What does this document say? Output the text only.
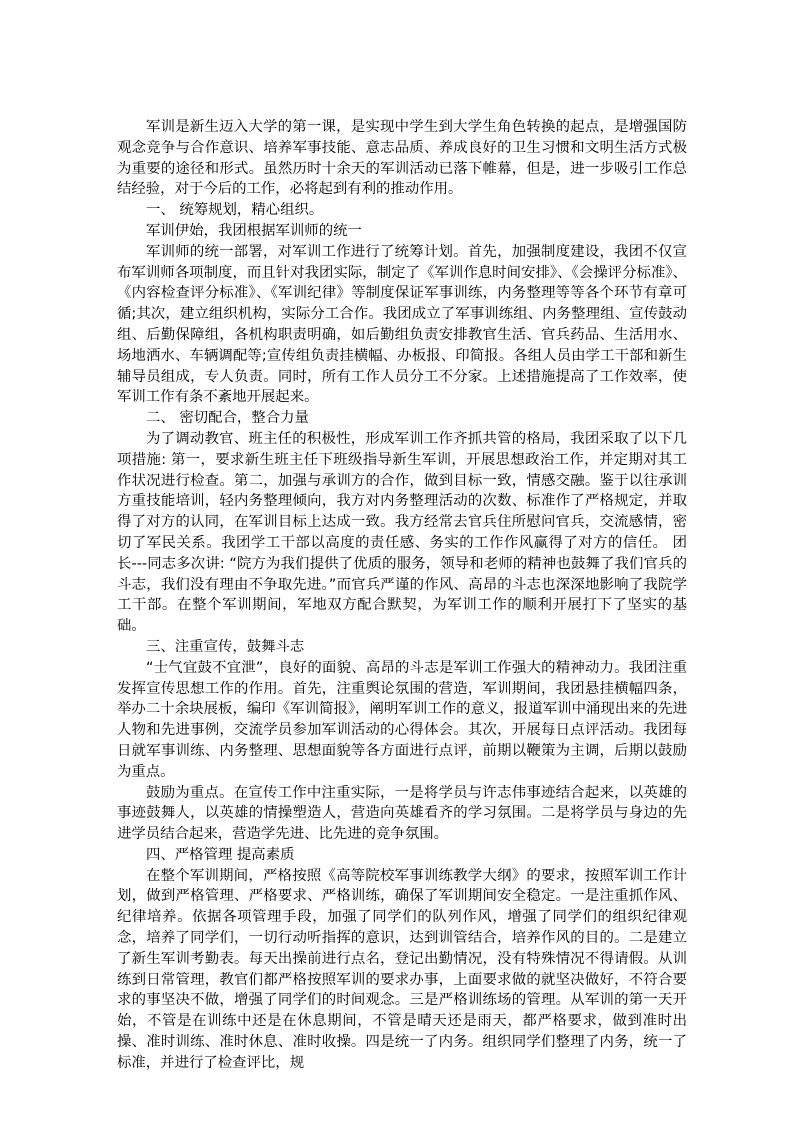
军训是新生迈入大学的第一课，是实现中学生到大学生角色转换的起点，是增强国防观念竞争与合作意识、培养军事技能、意志品质、养成良好的卫生习惯和文明生活方式极为重要的途径和形式。虽然历时十余天的军训活动已落下帷幕，但是，进一步吸引工作总结经验，对于今后的工作，必将起到有利的推动作用。

一、 统筹规划，精心组织。

军训伊始，我团根据军训师的统一

军训师的统一部署，对军训工作进行了统筹计划。首先，加强制度建设，我团不仅宣布军训师各项制度，而且针对我团实际，制定了《军训作息时间安排》、《会操评分标准》、《内容检查评分标准》、《军训纪律》等制度保证军事训练，内务整理等等各个环节有章可循;其次，建立组织机构，实际分工合作。我团成立了军事训练组、内务整理组、宣传鼓动组、后勤保障组，各机构职责明确，如后勤组负责安排教官生活、官兵药品、生活用水、场地洒水、车辆调配等;宣传组负责挂横幅、办板报、印简报。各组人员由学工干部和新生辅导员组成，专人负责。同时，所有工作人员分工不分家。上述措施提高了工作效率，使军训工作有条不紊地开展起来。

二、 密切配合，整合力量

为了调动教官、班主任的积极性，形成军训工作齐抓共管的格局，我团采取了以下几项措施: 第一，要求新生班主任下班级指导新生军训，开展思想政治工作，并定期对其工作状况进行检查。第二，加强与承训方的合作，做到目标一致，情感交融。鉴于以往承训方重技能培训，轻内务整理倾向，我方对内务整理活动的次数、标准作了严格规定，并取得了对方的认同，在军训目标上达成一致。我方经常去官兵住所慰问官兵，交流感情，密切了军民关系。我团学工干部以高度的责任感、务实的工作作风赢得了对方的信任。 团长---同志多次讲: “院方为我们提供了优质的服务，领导和老师的精神也鼓舞了我们官兵的斗志，我们没有理由不争取先进。”而官兵严谨的作风、高昂的斗志也深深地影响了我院学工干部。在整个军训期间，军地双方配合默契，为军训工作的顺利开展打下了坚实的基础。

三、注重宣传，鼓舞斗志

“士气宜鼓不宜泄”，良好的面貌、高昂的斗志是军训工作强大的精神动力。我团注重发挥宣传思想工作的作用。首先，注重舆论氛围的营造，军训期间，我团悬挂横幅四条，举办二十余块展板，编印《军训简报》，阐明军训工作的意义，报道军训中涌现出来的先进人物和先进事例，交流学员参加军训活动的心得体会。其次，开展每日点评活动。我团每日就军事训练、内务整理、思想面貌等各方面进行点评，前期以鞭策为主调，后期以鼓励为重点。

鼓励为重点。在宣传工作中注重实际，一是将学员与许志伟事迹结合起来，以英雄的事迹鼓舞人，以英雄的情操塑造人，营造向英雄看齐的学习氛围。二是将学员与身边的先进学员结合起来，营造学先进、比先进的竞争氛围。

四、严格管理 提高素质

在整个军训期间，严格按照《高等院校军事训练教学大纲》的要求，按照军训工作计划，做到严格管理、严格要求、严格训练，确保了军训期间安全稳定。一是注重抓作风、纪律培养。依据各项管理手段，加强了同学们的队列作风，增强了同学们的组织纪律观念，培养了同学们，一切行动听指挥的意识，达到训管结合，培养作风的目的。二是建立了新生军训考勤表。每天出操前进行点名，登记出勤情况，没有特殊情况不得请假。从训练到日常管理，教官们都严格按照军训的要求办事，上面要求做的就坚决做好，不符合要求的事坚决不做，增强了同学们的时间观念。三是严格训练场的管理。从军训的第一天开始，不管是在训练中还是在休息期间，不管是晴天还是雨天，都严格要求，做到准时出操、准时训练、准时休息、准时收操。四是统一了内务。组织同学们整理了内务，统一了标准，并进行了检查评比，规
